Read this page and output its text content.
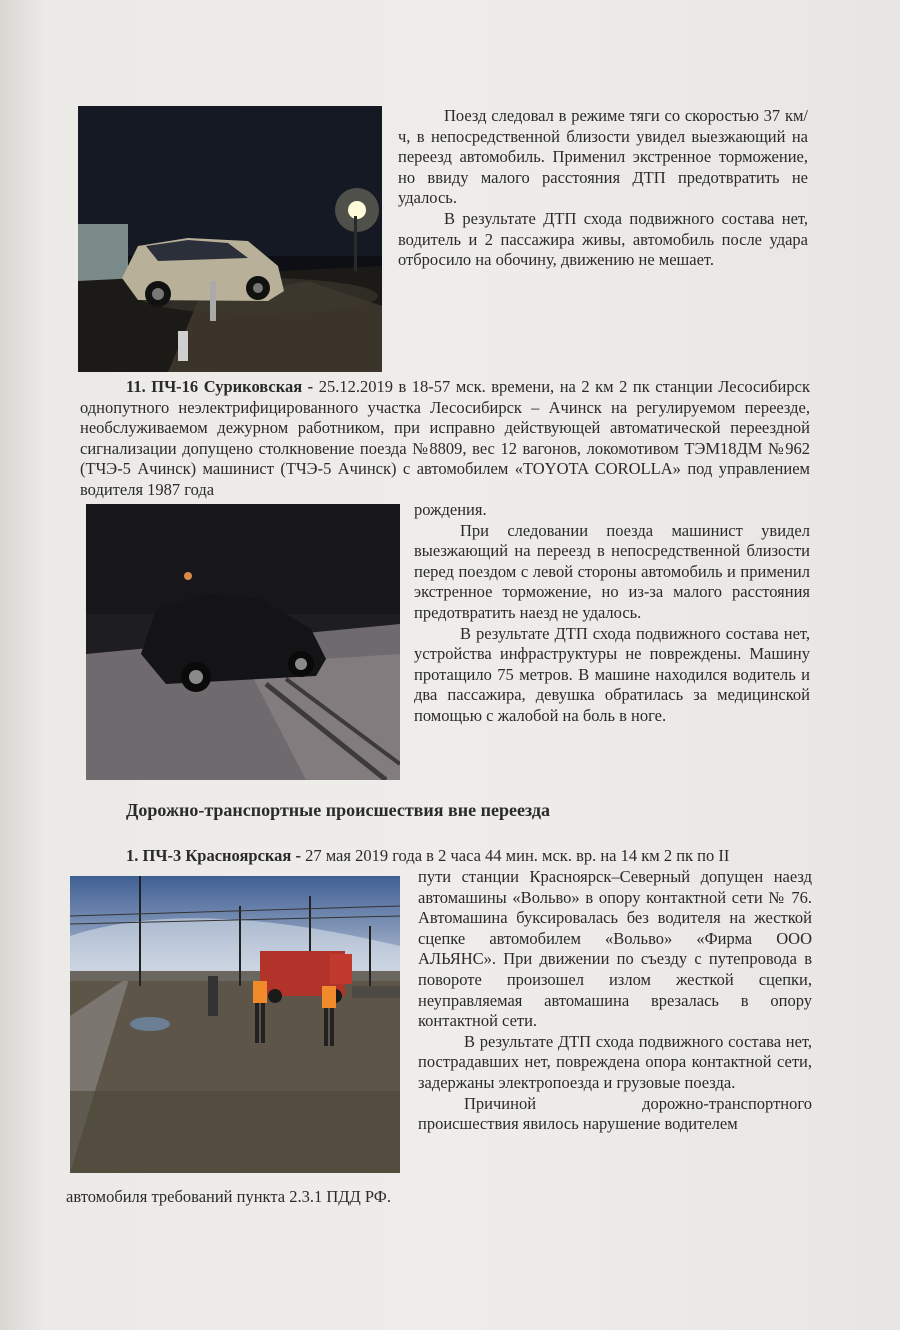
Поезд следовал в режиме тяги со скоростью 37 км/ч, в непосредственной близости увидел выезжающий на переезд автомобиль. Применил экстренное торможение, но ввиду малого расстояния ДТП предотвратить не удалось.

В результате ДТП схода подвижного состава нет, водитель и 2 пассажира живы, автомобиль после удара отбросило на обочину, движению не мешает.

11. ПЧ-16 Суриковская - 25.12.2019 в 18-57 мск. времени, на 2 км 2 пк станции Лесосибирск однопутного неэлектрифицированного участка Лесосибирск – Ачинск на регулируемом переезде, необслуживаемом дежурном работником, при исправно действующей автоматической переездной сигнализации допущено столкновение поезда №8809, вес 12 вагонов, локомотивом ТЭМ18ДМ №962 (ТЧЭ-5 Ачинск) машинист (ТЧЭ-5 Ачинск) с автомобилем «TOYOTA COROLLA» под управлением водителя 1987 года

рождения.

При следовании поезда машинист увидел выезжающий на переезд в непосредственной близости перед поездом с левой стороны автомобиль и применил экстренное торможение, но из-за малого расстояния предотвратить наезд не удалось.

В результате ДТП схода подвижного состава нет, устройства инфраструктуры не повреждены. Машину протащило 75 метров. В машине находился водитель и два пассажира, девушка обратилась за медицинской помощью с жалобой на боль в ноге.

Дорожно-транспортные происшествия вне переезда

1. ПЧ-3 Красноярская - 27 мая 2019 года в 2 часа 44 мин. мск. вр. на 14 км 2 пк по II

пути станции Красноярск–Северный допущен наезд автомашины «Вольво» в опору контактной сети № 76. Автомашина буксировалась без водителя на жесткой сцепке автомобилем «Вольво» «Фирма ООО АЛЬЯНС». При движении по съезду с путепровода в повороте произошел излом жесткой сцепки, неуправляемая автомашина врезалась в опору контактной сети.

В результате ДТП схода подвижного состава нет, пострадавших нет, повреждена опора контактной сети, задержаны электропоезда и грузовые поезда.

Причиной дорожно-транспортного происшествия явилось нарушение водителем

автомобиля требований пункта 2.3.1 ПДД РФ.
